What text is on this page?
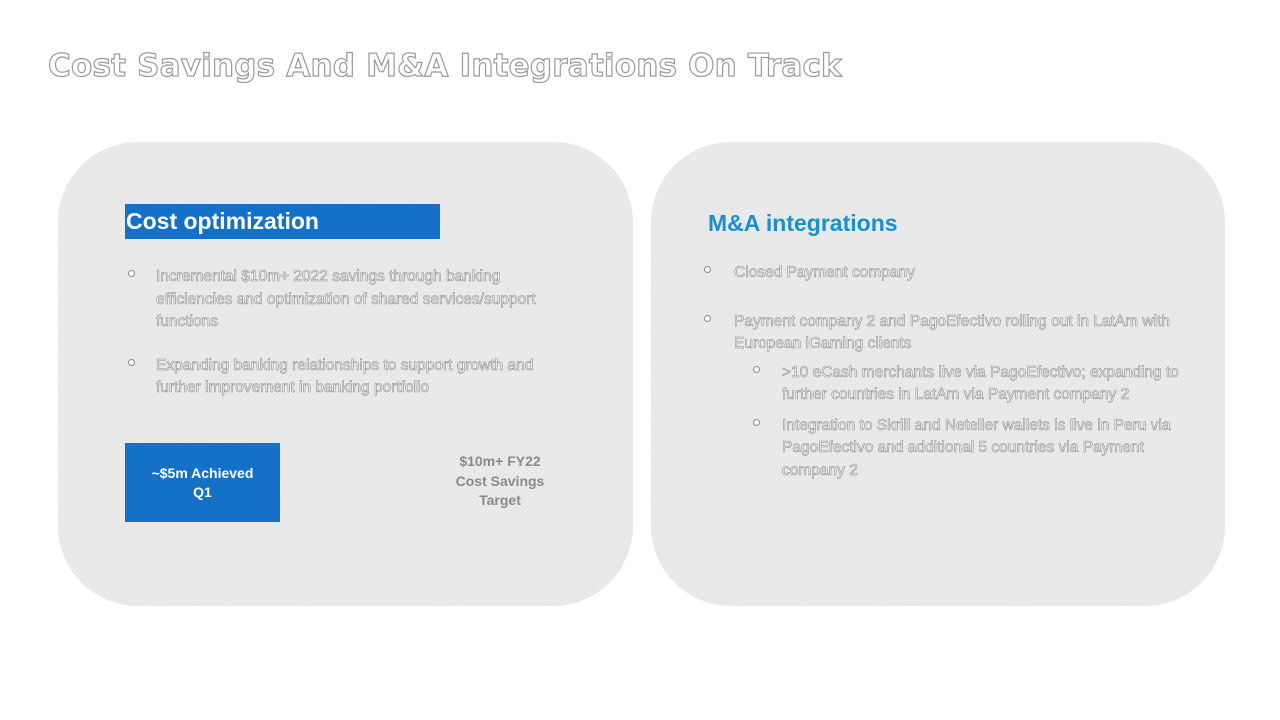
Cost Savings And M&A Integrations On Track
Cost optimization
Incremental $10m+ 2022 savings through banking efficiencies and optimization of shared services/support functions
Expanding banking relationships to support growth and further improvement in banking portfolio
~$5m Achieved
Q1
$10m+ FY22
Cost Savings
Target
M&A integrations
Closed Payment company
Payment company 2 and PagoEfectivo rolling out in LatAm with European iGaming clients
>10 eCash merchants live via PagoEfectivo; expanding to further countries in LatAm via Payment company 2
Integration to Skrill and Neteller wallets is live in Peru via PagoEfectivo and additional 5 countries via Payment company 2
